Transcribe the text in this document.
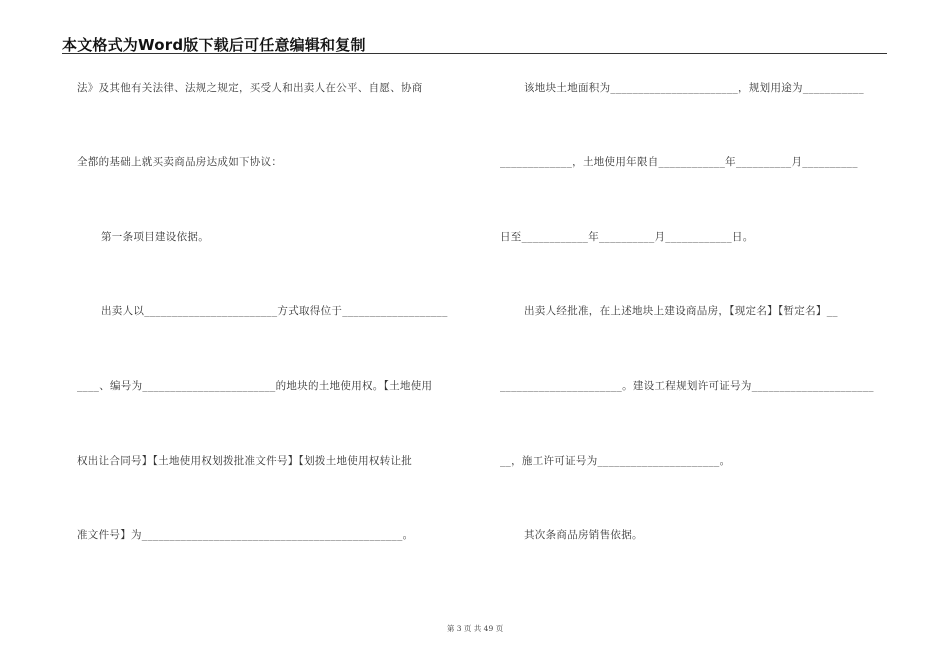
本文格式为Word版下载后可任意编辑和复制
法》及其他有关法律、法规之规定，买受人和出卖人在公平、自愿、协商
全都的基础上就买卖商品房达成如下协议：
第一条项目建设依据。
出卖人以________________________方式取得位于___________________
____、编号为________________________的地块的土地使用权。【土地使用
权出让合同号】【土地使用权划拨批准文件号】【划拨土地使用权转让批
准文件号】为_______________________________________________。
该地块土地面积为_______________________，规划用途为___________
_____________，土地使用年限自____________年__________月__________
日至____________年__________月____________日。
出卖人经批准，在上述地块上建设商品房，【现定名】【暂定名】__
______________________。建设工程规划许可证号为______________________
__，施工许可证号为______________________。
其次条商品房销售依据。
第 3 页 共 49 页
